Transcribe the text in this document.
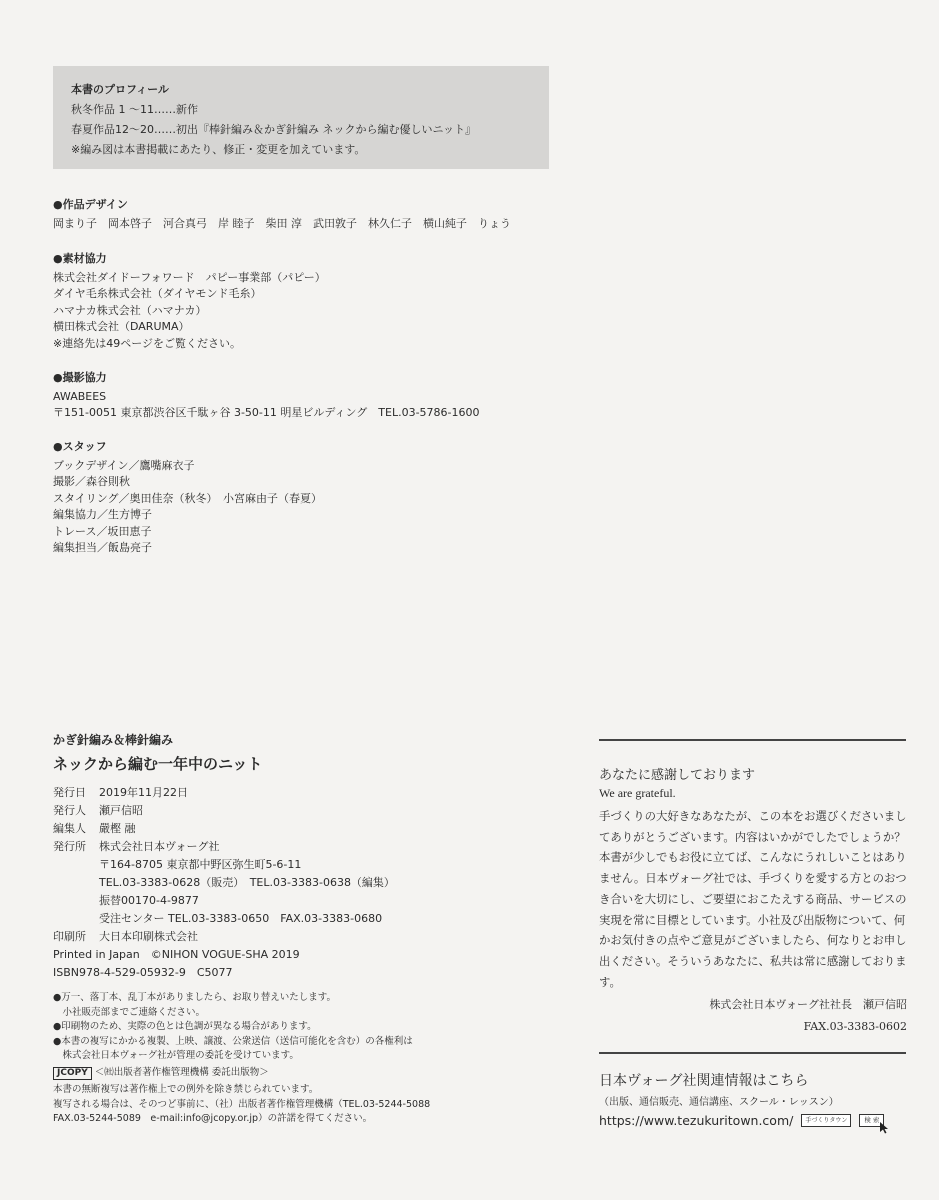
本書のプロフィール
秋冬作品 1 ～11……新作
春夏作品12～20……初出『棒針編み＆かぎ針編み ネックから編む優しいニット』
※編み図は本書掲載にあたり、修正・変更を加えています。
●作品デザイン
岡まり子 岡本啓子 河合真弓 岸 睦子 柴田 淳 武田敦子 林久仁子 横山純子 りょう
●素材協力
株式会社ダイドーフォワード　パピー事業部（パピー）
ダイヤ毛糸株式会社（ダイヤモンド毛糸）
ハマナカ株式会社（ハマナカ）
横田株式会社（DARUMA）
※連絡先は49ページをご覧ください。
●撮影協力
AWABEES
〒151-0051 東京都渋谷区千駄ヶ谷 3-50-11 明星ビルディング　TEL.03-5786-1600
●スタッフ
ブックデザイン／鷹嘴麻衣子
撮影／森谷則秋
スタイリング／奥田佳奈（秋冬）　小宮麻由子（春夏）
編集協力／生方博子
トレース／坂田恵子
編集担当／飯島亮子
かぎ針編み＆棒針編み
ネックから編む一年中のニット
発行日	2019年11月22日
発行人	瀬戸信昭
編集人	嚴樫 融
発行所	株式会社日本ヴォーグ社
〒164-8705 東京都中野区弥生町5-6-11
TEL.03-3383-0628（販売）　TEL.03-3383-0638（編集）
振替00170-4-9877
受注センター TEL.03-3383-0650　FAX.03-3383-0680
印刷所	大日本印刷株式会社
Printed in Japan　©NIHON VOGUE-SHA 2019
ISBN978-4-529-05932-9　C5077
●万一、落丁本、乱丁本がありましたら、お取り替えいたします。
　小社販売部までご連絡ください。
●印刷物のため、実際の色とは色調が異なる場合があります。
●本書の複写にかかる複製、上映、譲渡、公衆送信（送信可能化を含む）の各権利は
　株式会社日本ヴォーグ社が管理の委託を受けています。
JCOPY ＜㈳出版者著作権管理機構 委託出版物＞
本書の無断複写は著作権上での例外を除き禁じられています。
複写される場合は、そのつど事前に、（社）出版者著作権管理機構（TEL.03-5244-5088
FAX.03-5244-5089　e-mail:info@jcopy.or.jp）の許諾を得てください。
あなたに感謝しております
We are grateful.
手づくりの大好きなあなたが、この本をお選びくださいましてありがとうございます。内容はいかがでしたでしょうか？本書が少しでもお役に立てば、こんなにうれしいことはありません。日本ヴォーグ社では、手づくりを愛する方とのおつき合いを大切にし、ご要望におこたえする商品、サービスの実現を常に目標としています。小社及び出版物について、何かお気付きの点やご意見がございましたら、何なりとお申し出ください。そういうあなたに、私共は常に感謝しております。
株式会社日本ヴォーグ社社長　瀬戸信昭
FAX.03-3383-0602
日本ヴォーグ社関連情報はこちら
（出版、通信販売、通信講座、スクール・レッスン）
https://www.tezukuritown.com/	手づくりタウン	検 索
